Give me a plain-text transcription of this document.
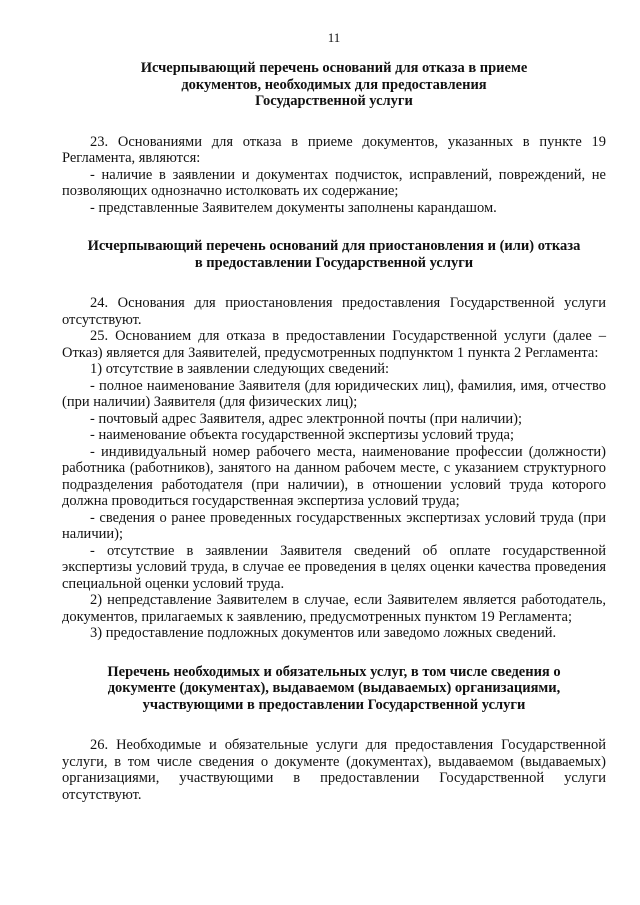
11
Исчерпывающий перечень оснований для отказа в приеме
документов, необходимых для предоставления
Государственной услуги

23. Основаниями для отказа в приеме документов, указанных в пункте 19 Регламента, являются:

- наличие в заявлении и документах подчисток, исправлений, повреждений, не позволяющих однозначно истолковать их содержание;

- представленные Заявителем документы заполнены карандашом.

Исчерпывающий перечень оснований для приостановления и (или) отказа
в предоставлении Государственной услуги

24. Основания для приостановления предоставления Государственной услуги отсутствуют.

25. Основанием для отказа в предоставлении Государственной услуги (далее – Отказ) является для Заявителей, предусмотренных подпунктом 1 пункта 2 Регламента:

1) отсутствие в заявлении следующих сведений:

- полное наименование Заявителя (для юридических лиц), фамилия, имя, отчество (при наличии) Заявителя (для физических лиц);

- почтовый адрес Заявителя, адрес электронной почты (при наличии);

- наименование объекта государственной экспертизы условий труда;

- индивидуальный номер рабочего места, наименование профессии (должности) работника (работников), занятого на данном рабочем месте, с указанием структурного подразделения работодателя (при наличии), в отношении условий труда которого должна проводиться государственная экспертиза условий труда;

- сведения о ранее проведенных государственных экспертизах условий труда (при наличии);

- отсутствие в заявлении Заявителя сведений об оплате государственной экспертизы условий труда, в случае ее проведения в целях оценки качества проведения специальной оценки условий труда.

2) непредставление Заявителем в случае, если Заявителем является работодатель, документов, прилагаемых к заявлению, предусмотренных пунктом 19 Регламента;

3) предоставление подложных документов или заведомо ложных сведений.

Перечень необходимых и обязательных услуг, в том числе сведения о
документе (документах), выдаваемом (выдаваемых) организациями,
участвующими в предоставлении Государственной услуги

26. Необходимые и обязательные услуги для предоставления Государственной услуги, в том числе сведения о документе (документах), выдаваемом (выдаваемых) организациями, участвующими в предоставлении Государственной услуги отсутствуют.
